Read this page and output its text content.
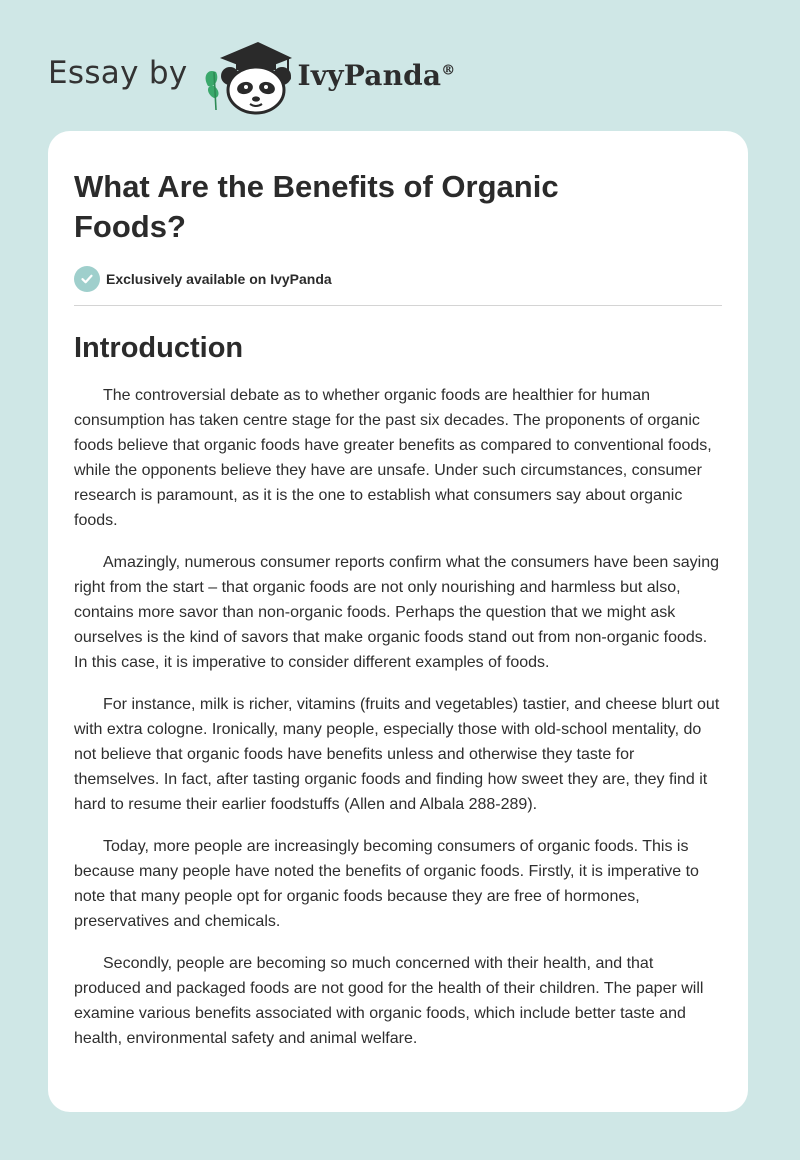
Essay by	IvyPanda®
What Are the Benefits of Organic Foods?
Exclusively available on IvyPanda
Introduction

The controversial debate as to whether organic foods are healthier for human consumption has taken centre stage for the past six decades. The proponents of organic foods believe that organic foods have greater benefits as compared to conventional foods, while the opponents believe they have are unsafe. Under such circumstances, consumer research is paramount, as it is the one to establish what consumers say about organic foods.

Amazingly, numerous consumer reports confirm what the consumers have been saying right from the start – that organic foods are not only nourishing and harmless but also, contains more savor than non-organic foods. Perhaps the question that we might ask ourselves is the kind of savors that make organic foods stand out from non-organic foods. In this case, it is imperative to consider different examples of foods.

For instance, milk is richer, vitamins (fruits and vegetables) tastier, and cheese blurt out with extra cologne. Ironically, many people, especially those with old-school mentality, do not believe that organic foods have benefits unless and otherwise they taste for themselves. In fact, after tasting organic foods and finding how sweet they are, they find it hard to resume their earlier foodstuffs (Allen and Albala 288-289).

Today, more people are increasingly becoming consumers of organic foods. This is because many people have noted the benefits of organic foods. Firstly, it is imperative to note that many people opt for organic foods because they are free of hormones, preservatives and chemicals.

Secondly, people are becoming so much concerned with their health, and that produced and packaged foods are not good for the health of their children. The paper will examine various benefits associated with organic foods, which include better taste and health, environmental safety and animal welfare.
